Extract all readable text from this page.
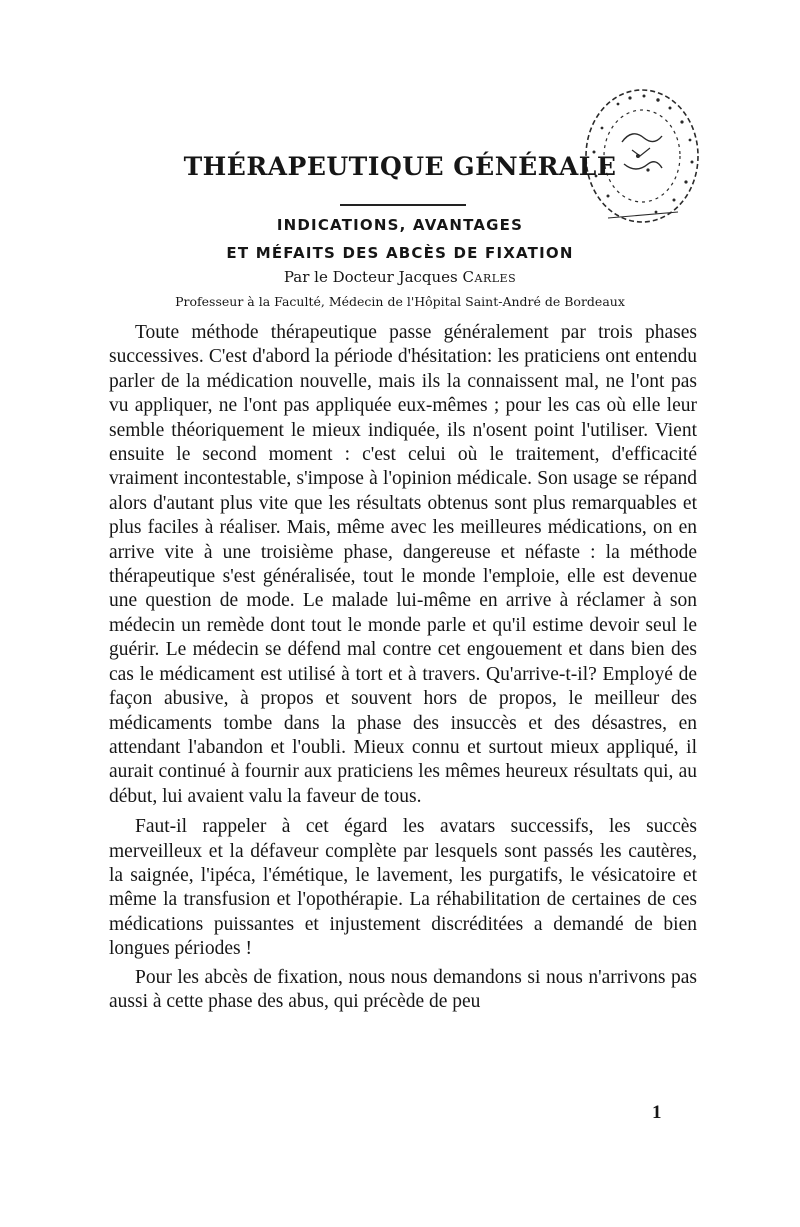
THÉRAPEUTIQUE GÉNÉRALE
INDICATIONS, AVANTAGES
ET MÉFAITS DES ABCÈS DE FIXATION

Par le Docteur Jacques Carles

Professeur à la Faculté, Médecin de l'Hôpital Saint-André de Bordeaux

Toute méthode thérapeutique passe généralement par trois phases successives. C'est d'abord la période d'hésitation: les praticiens ont entendu parler de la médication nouvelle, mais ils la connaissent mal, ne l'ont pas vu appliquer, ne l'ont pas appliquée eux-mêmes ; pour les cas où elle leur semble théoriquement le mieux indiquée, ils n'osent point l'utiliser. Vient ensuite le second moment : c'est celui où le traitement, d'efficacité vraiment incontestable, s'impose à l'opinion médicale. Son usage se répand alors d'autant plus vite que les résultats obtenus sont plus remarquables et plus faciles à réaliser. Mais, même avec les meilleures médications, on en arrive vite à une troisième phase, dangereuse et néfaste : la méthode thérapeutique s'est généralisée, tout le monde l'emploie, elle est devenue une question de mode. Le malade lui-même en arrive à réclamer à son médecin un remède dont tout le monde parle et qu'il estime devoir seul le guérir. Le médecin se défend mal contre cet engouement et dans bien des cas le médicament est utilisé à tort et à travers. Qu'arrive-t-il? Employé de façon abusive, à propos et souvent hors de propos, le meilleur des médicaments tombe dans la phase des insuccès et des désastres, en attendant l'abandon et l'oubli. Mieux connu et surtout mieux appliqué, il aurait continué à fournir aux praticiens les mêmes heureux résultats qui, au début, lui avaient valu la faveur de tous.

Faut-il rappeler à cet égard les avatars successifs, les succès merveilleux et la défaveur complète par lesquels sont passés les cautères, la saignée, l'ipéca, l'émétique, le lavement, les purgatifs, le vésicatoire et même la transfusion et l'opothérapie. La réhabilitation de certaines de ces médications puissantes et injustement discréditées a demandé de bien longues périodes !

Pour les abcès de fixation, nous nous demandons si nous n'arrivons pas aussi à cette phase des abus, qui précède de peu

1
